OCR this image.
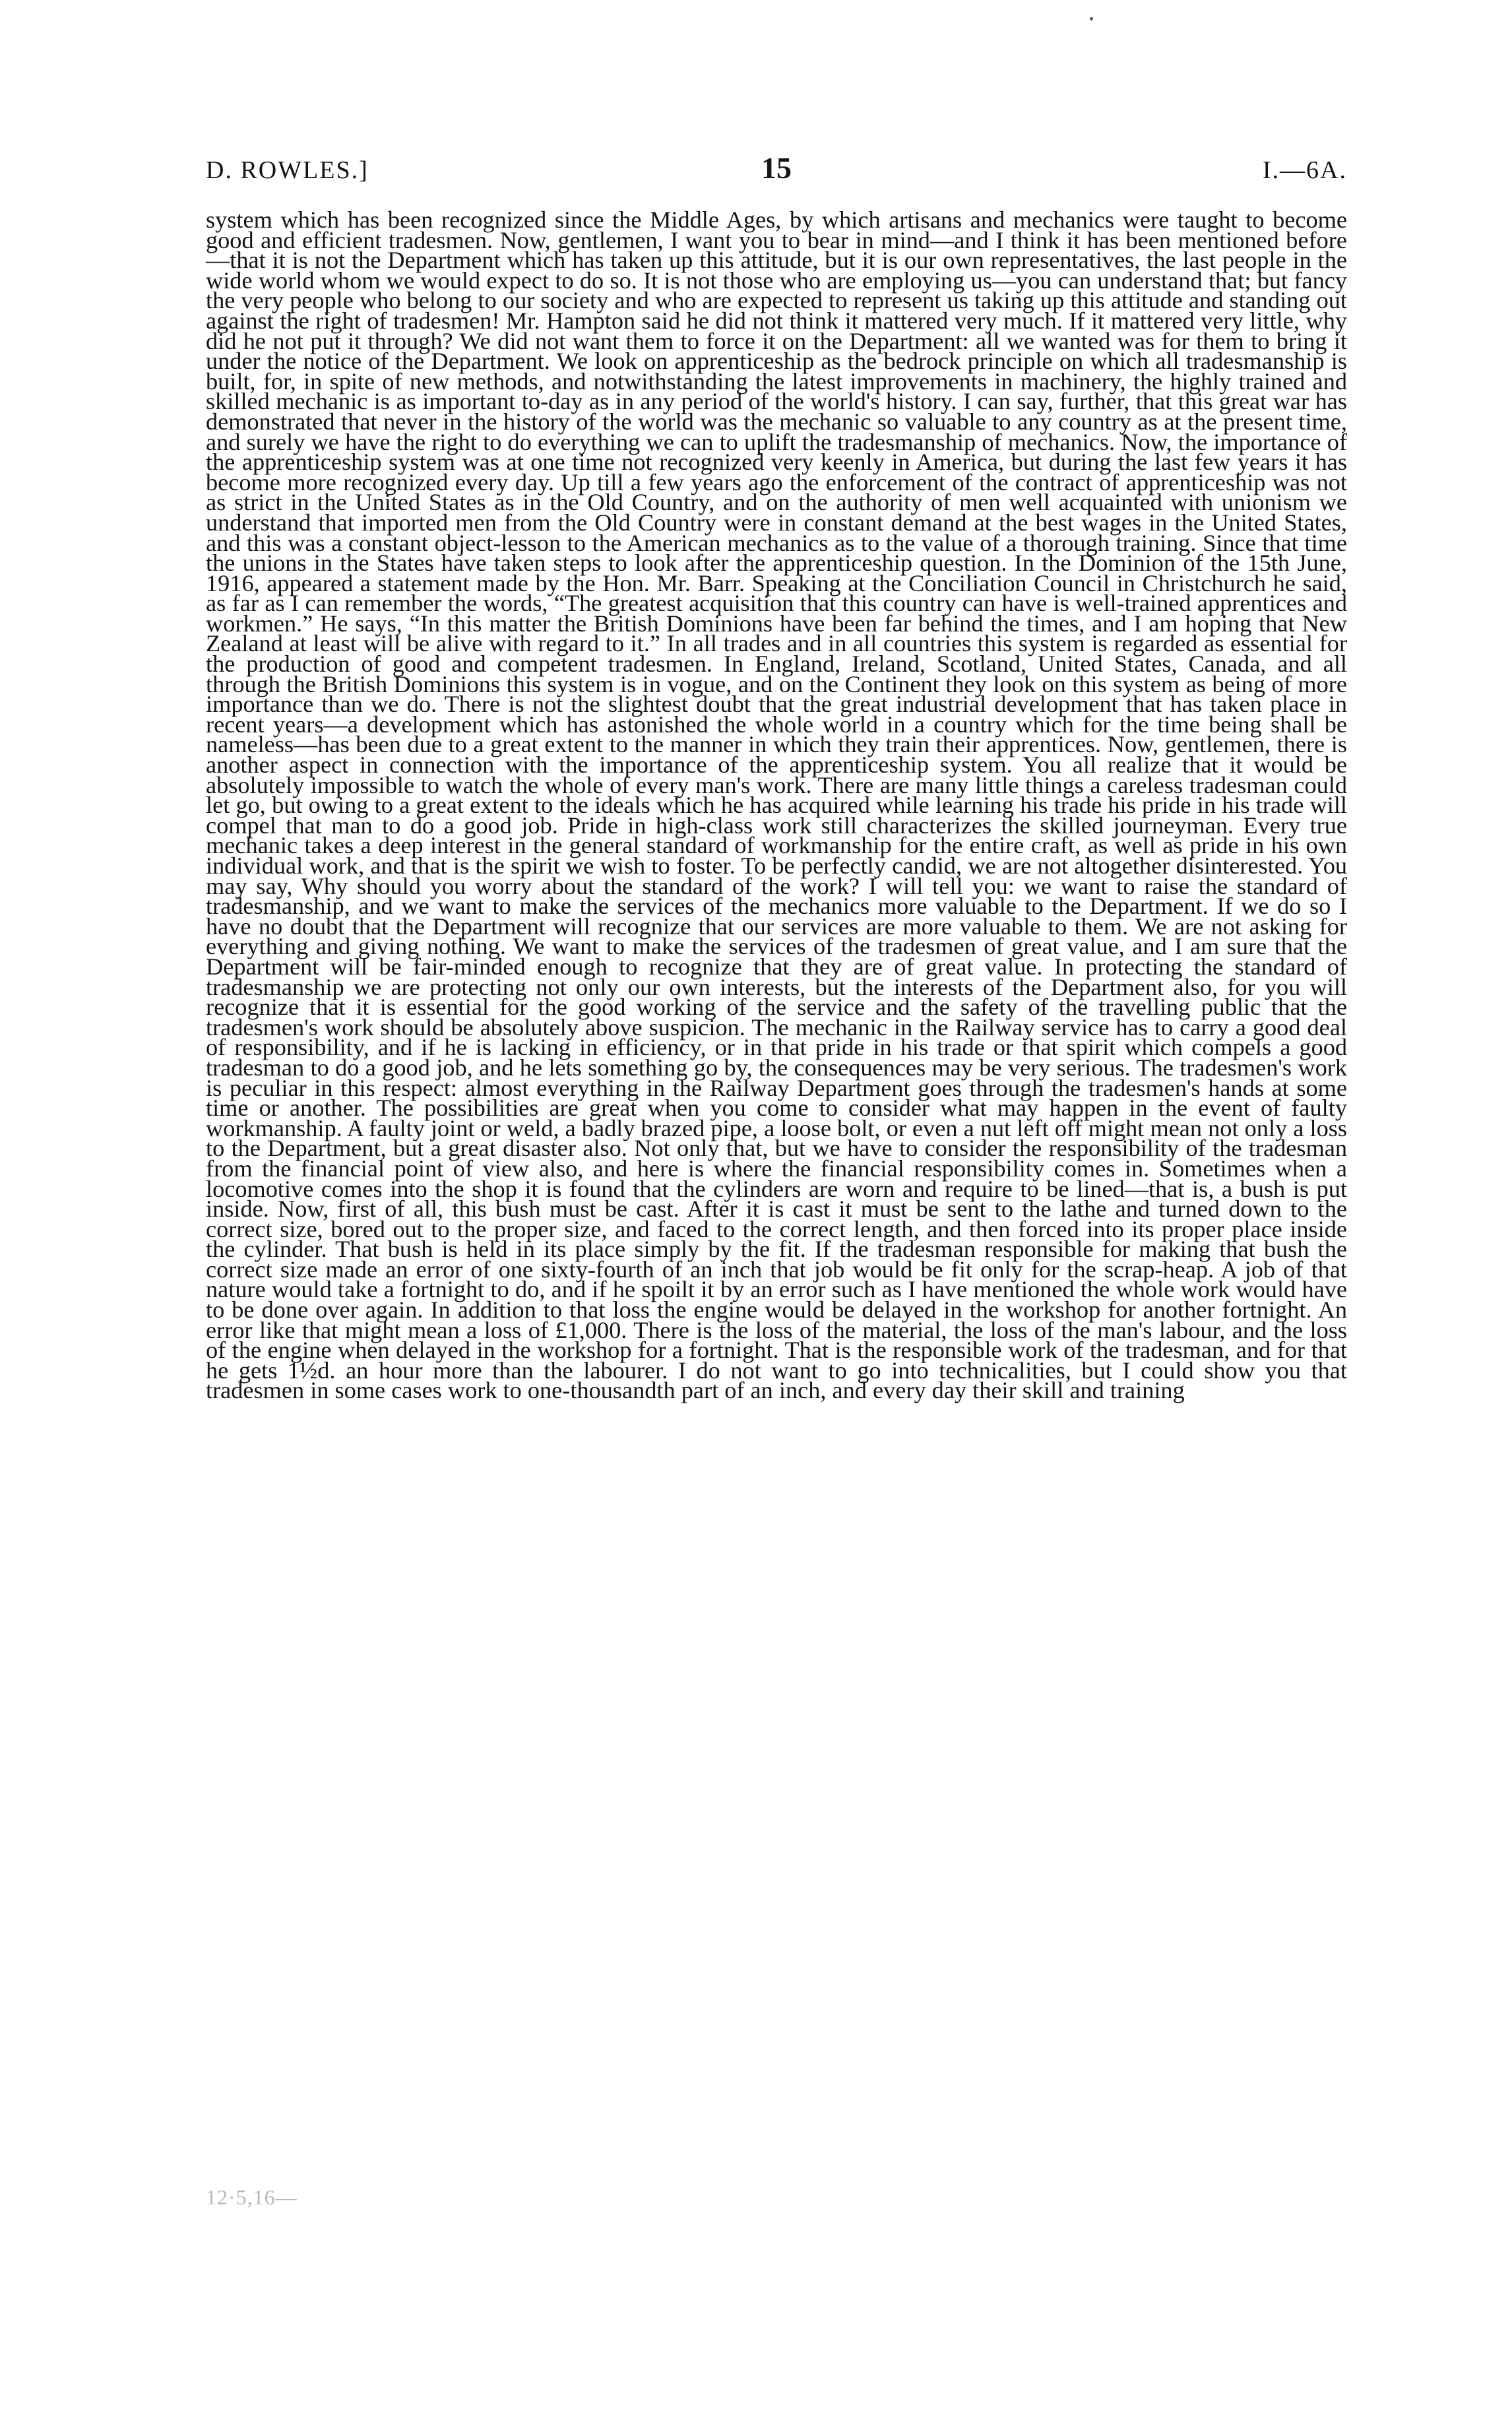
D. ROWLES.]	15	I.—6A.

system which has been recognized since the Middle Ages, by which artisans and mechanics were taught to become good and efficient tradesmen. Now, gentlemen, I want you to bear in mind—and I think it has been mentioned before—that it is not the Department which has taken up this attitude, but it is our own representatives, the last people in the wide world whom we would expect to do so. It is not those who are employing us—you can understand that; but fancy the very people who belong to our society and who are expected to represent us taking up this attitude and standing out against the right of tradesmen! Mr. Hampton said he did not think it mattered very much. If it mattered very little, why did he not put it through? We did not want them to force it on the Department: all we wanted was for them to bring it under the notice of the Department. We look on apprenticeship as the bedrock principle on which all tradesmanship is built, for, in spite of new methods, and notwithstanding the latest improvements in machinery, the highly trained and skilled mechanic is as important to-day as in any period of the world's history. I can say, further, that this great war has demonstrated that never in the history of the world was the mechanic so valuable to any country as at the present time, and surely we have the right to do everything we can to uplift the tradesmanship of mechanics. Now, the importance of the apprenticeship system was at one time not recognized very keenly in America, but during the last few years it has become more recognized every day. Up till a few years ago the enforcement of the contract of apprenticeship was not as strict in the United States as in the Old Country, and on the authority of men well acquainted with unionism we understand that imported men from the Old Country were in constant demand at the best wages in the United States, and this was a constant object-lesson to the American mechanics as to the value of a thorough training. Since that time the unions in the States have taken steps to look after the apprenticeship question. In the Dominion of the 15th June, 1916, appeared a statement made by the Hon. Mr. Barr. Speaking at the Conciliation Council in Christchurch he said, as far as I can remember the words, “The greatest acquisition that this country can have is well-trained apprentices and workmen.” He says, “In this matter the British Dominions have been far behind the times, and I am hoping that New Zealand at least will be alive with regard to it.” In all trades and in all countries this system is regarded as essential for the production of good and competent tradesmen. In England, Ireland, Scotland, United States, Canada, and all through the British Dominions this system is in vogue, and on the Continent they look on this system as being of more importance than we do. There is not the slightest doubt that the great industrial development that has taken place in recent years—a development which has astonished the whole world in a country which for the time being shall be nameless—has been due to a great extent to the manner in which they train their apprentices. Now, gentlemen, there is another aspect in connection with the importance of the apprenticeship system. You all realize that it would be absolutely impossible to watch the whole of every man's work. There are many little things a careless tradesman could let go, but owing to a great extent to the ideals which he has acquired while learning his trade his pride in his trade will compel that man to do a good job. Pride in high-class work still characterizes the skilled journeyman. Every true mechanic takes a deep interest in the general standard of workmanship for the entire craft, as well as pride in his own individual work, and that is the spirit we wish to foster. To be perfectly candid, we are not altogether disinterested. You may say, Why should you worry about the standard of the work? I will tell you: we want to raise the standard of tradesmanship, and we want to make the services of the mechanics more valuable to the Department. If we do so I have no doubt that the Department will recognize that our services are more valuable to them. We are not asking for everything and giving nothing. We want to make the services of the tradesmen of great value, and I am sure that the Department will be fair-minded enough to recognize that they are of great value. In protecting the standard of tradesmanship we are protecting not only our own interests, but the interests of the Department also, for you will recognize that it is essential for the good working of the service and the safety of the travelling public that the tradesmen's work should be absolutely above suspicion. The mechanic in the Railway service has to carry a good deal of responsibility, and if he is lacking in efficiency, or in that pride in his trade or that spirit which compels a good tradesman to do a good job, and he lets something go by, the consequences may be very serious. The tradesmen's work is peculiar in this respect: almost everything in the Railway Department goes through the tradesmen's hands at some time or another. The possibilities are great when you come to consider what may happen in the event of faulty workmanship. A faulty joint or weld, a badly brazed pipe, a loose bolt, or even a nut left off might mean not only a loss to the Department, but a great disaster also. Not only that, but we have to consider the responsibility of the tradesman from the financial point of view also, and here is where the financial responsibility comes in. Sometimes when a locomotive comes into the shop it is found that the cylinders are worn and require to be lined—that is, a bush is put inside. Now, first of all, this bush must be cast. After it is cast it must be sent to the lathe and turned down to the correct size, bored out to the proper size, and faced to the correct length, and then forced into its proper place inside the cylinder. That bush is held in its place simply by the fit. If the tradesman responsible for making that bush the correct size made an error of one sixty-fourth of an inch that job would be fit only for the scrap-heap. A job of that nature would take a fortnight to do, and if he spoilt it by an error such as I have mentioned the whole work would have to be done over again. In addition to that loss the engine would be delayed in the workshop for another fortnight. An error like that might mean a loss of £1,000. There is the loss of the material, the loss of the man's labour, and the loss of the engine when delayed in the workshop for a fortnight. That is the responsible work of the tradesman, and for that he gets 1½d. an hour more than the labourer. I do not want to go into technicalities, but I could show you that tradesmen in some cases work to one-thousandth part of an inch, and every day their skill and training

12·5,16—
